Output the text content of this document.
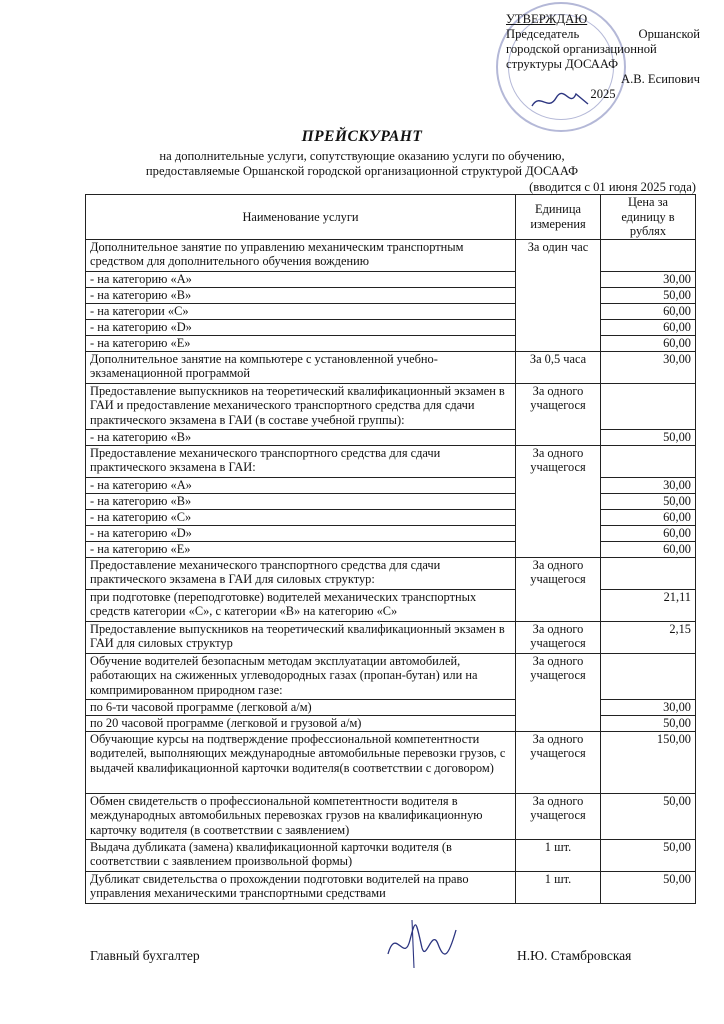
УТВЕРЖДАЮ
Председатель	Оршанской
городской организационной
структуры ДОСААФ
А.В. Есипович
2025
ПРЕЙСКУРАНТ
на дополнительные услуги, сопутствующие оказанию услуги по обучению,
предоставляемые Оршанской городской организационной структурой ДОСААФ
(вводится с 01 июня 2025 года)
Наименование услуги	Единица измерения	Цена за единицу в рублях
Дополнительное занятие по управлению механическим транспортным средством для дополнительного обучения вождению	За один час	
- на категорию «А»		30,00
- на категорию «В»		50,00
- на категории «С»		60,00
- на категорию «D»		60,00
- на категорию «Е»		60,00
Дополнительное занятие на компьютере с установленной учебно-экзаменационной программой	За 0,5 часа	30,00
Предоставление выпускников на теоретический квалификационный экзамен в ГАИ и предоставление механического транспортного средства для сдачи практического экзамена в ГАИ (в составе учебной группы):	За одного учащегося	
- на категорию «В»		50,00
Предоставление механического транспортного средства для сдачи практического экзамена в ГАИ:	За одного учащегося	
- на категорию «А»		30,00
- на категорию «В»		50,00
- на категорию «С»		60,00
- на категорию «D»		60,00
- на категорию «Е»		60,00
Предоставление механического транспортного средства для сдачи практического экзамена в ГАИ для силовых структур:	За одного учащегося	
при подготовке (переподготовке) водителей механических транспортных средств категории «С», с категории «В» на категорию «С»		21,11
Предоставление выпускников на теоретический квалификационный экзамен в ГАИ для силовых структур	За одного учащегося	2,15
Обучение водителей безопасным методам эксплуатации автомобилей, работающих на сжиженных углеводородных газах (пропан-бутан) или на компримированном природном газе:	За одного учащегося	
по 6-ти часовой программе (легковой а/м)		30,00
по 20 часовой программе (легковой и грузовой а/м)		50,00
Обучающие курсы на подтверждение профессиональной компетентности водителей, выполняющих международные автомобильные перевозки грузов, с выдачей квалификационной карточки водителя(в соответствии с договором)	За одного учащегося	150,00
Обмен свидетельств о профессиональной компетентности водителя в международных автомобильных перевозках грузов на квалификационную карточку водителя (в соответствии с заявлением)	За одного учащегося	50,00
Выдача дубликата (замена) квалификационной карточки водителя (в соответствии с заявлением произвольной формы)	1 шт.	50,00
Дубликат свидетельства о прохождении подготовки водителей на право управления механическими транспортными средствами	1 шт.	50,00
Главный бухгалтер	Н.Ю. Стамбровская
